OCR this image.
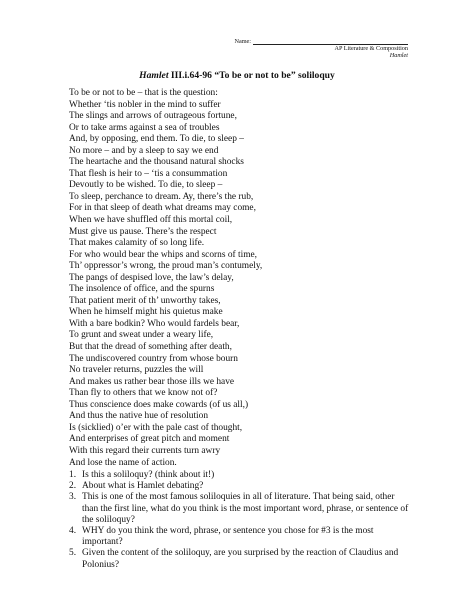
Name:
AP Literature & Composition
Hamlet
Hamlet III.i.64-96 “To be or not to be” soliloquy
To be or not to be – that is the question:
Whether ‘tis nobler in the mind to suffer
The slings and arrows of outrageous fortune,
Or to take arms against a sea of troubles
And, by opposing, end them. To die, to sleep –
No more – and by a sleep to say we end
The heartache and the thousand natural shocks
That flesh is heir to – ‘tis a consummation
Devoutly to be wished. To die, to sleep –
To sleep, perchance to dream. Ay, there’s the rub,
For in that sleep of death what dreams may come,
When we have shuffled off this mortal coil,
Must give us pause. There’s the respect
That makes calamity of so long life.
For who would bear the whips and scorns of time,
Th’ oppressor’s wrong, the proud man’s contumely,
The pangs of despised love, the law’s delay,
The insolence of office, and the spurns
That patient merit of th’ unworthy takes,
When he himself might his quietus make
With a bare bodkin? Who would fardels bear,
To grunt and sweat under a weary life,
But that the dread of something after death,
The undiscovered country from whose bourn
No traveler returns, puzzles the will
And makes us rather bear those ills we have
Than fly to others that we know not of?
Thus conscience does make cowards (of us all,)
And thus the native hue of resolution
Is (sicklied) o’er with the pale cast of thought,
And enterprises of great pitch and moment
With this regard their currents turn awry
And lose the name of action.
1. Is this a soliloquy? (think about it!)
2. About what is Hamlet debating?
3. This is one of the most famous soliloquies in all of literature. That being said, other than the first line, what do you think is the most important word, phrase, or sentence of the soliloquy?
4. WHY do you think the word, phrase, or sentence you chose for #3 is the most important?
5. Given the content of the soliloquy, are you surprised by the reaction of Claudius and Polonius?
